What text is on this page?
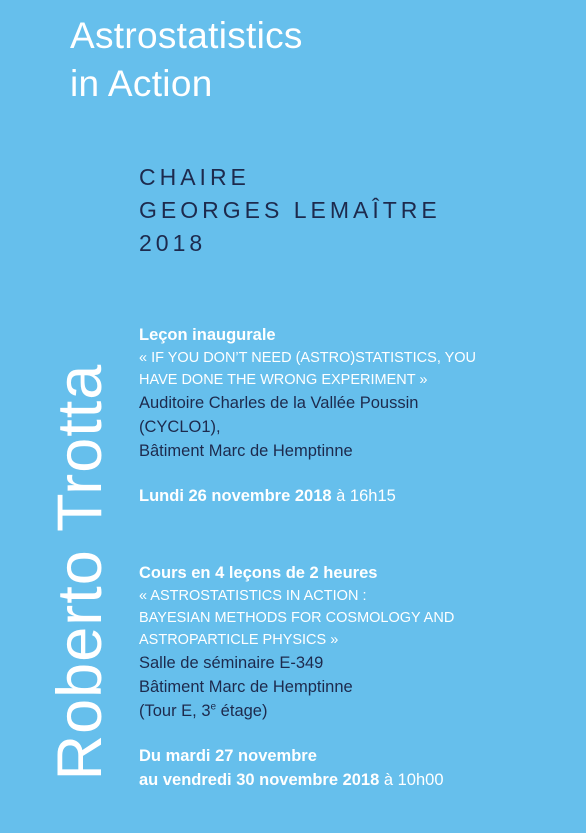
Astrostatistics
in Action
CHAIRE
GEORGES LEMAÎTRE
2018
Roberto Trotta
Leçon inaugurale
« IF YOU DON’T NEED (ASTRO)STATISTICS, YOU
HAVE DONE THE WRONG EXPERIMENT »
Auditoire Charles de la Vallée Poussin
(CYCLO1),
Bâtiment Marc de Hemptinne
Lundi 26 novembre 2018 à 16h15
Cours en 4 leçons de 2 heures
« ASTROSTATISTICS IN ACTION :
BAYESIAN METHODS FOR COSMOLOGY AND
ASTROPARTICLE PHYSICS »
Salle de séminaire E-349
Bâtiment Marc de Hemptinne
(Tour E, 3e étage)
Du mardi 27 novembre
au vendredi 30 novembre 2018 à 10h00
